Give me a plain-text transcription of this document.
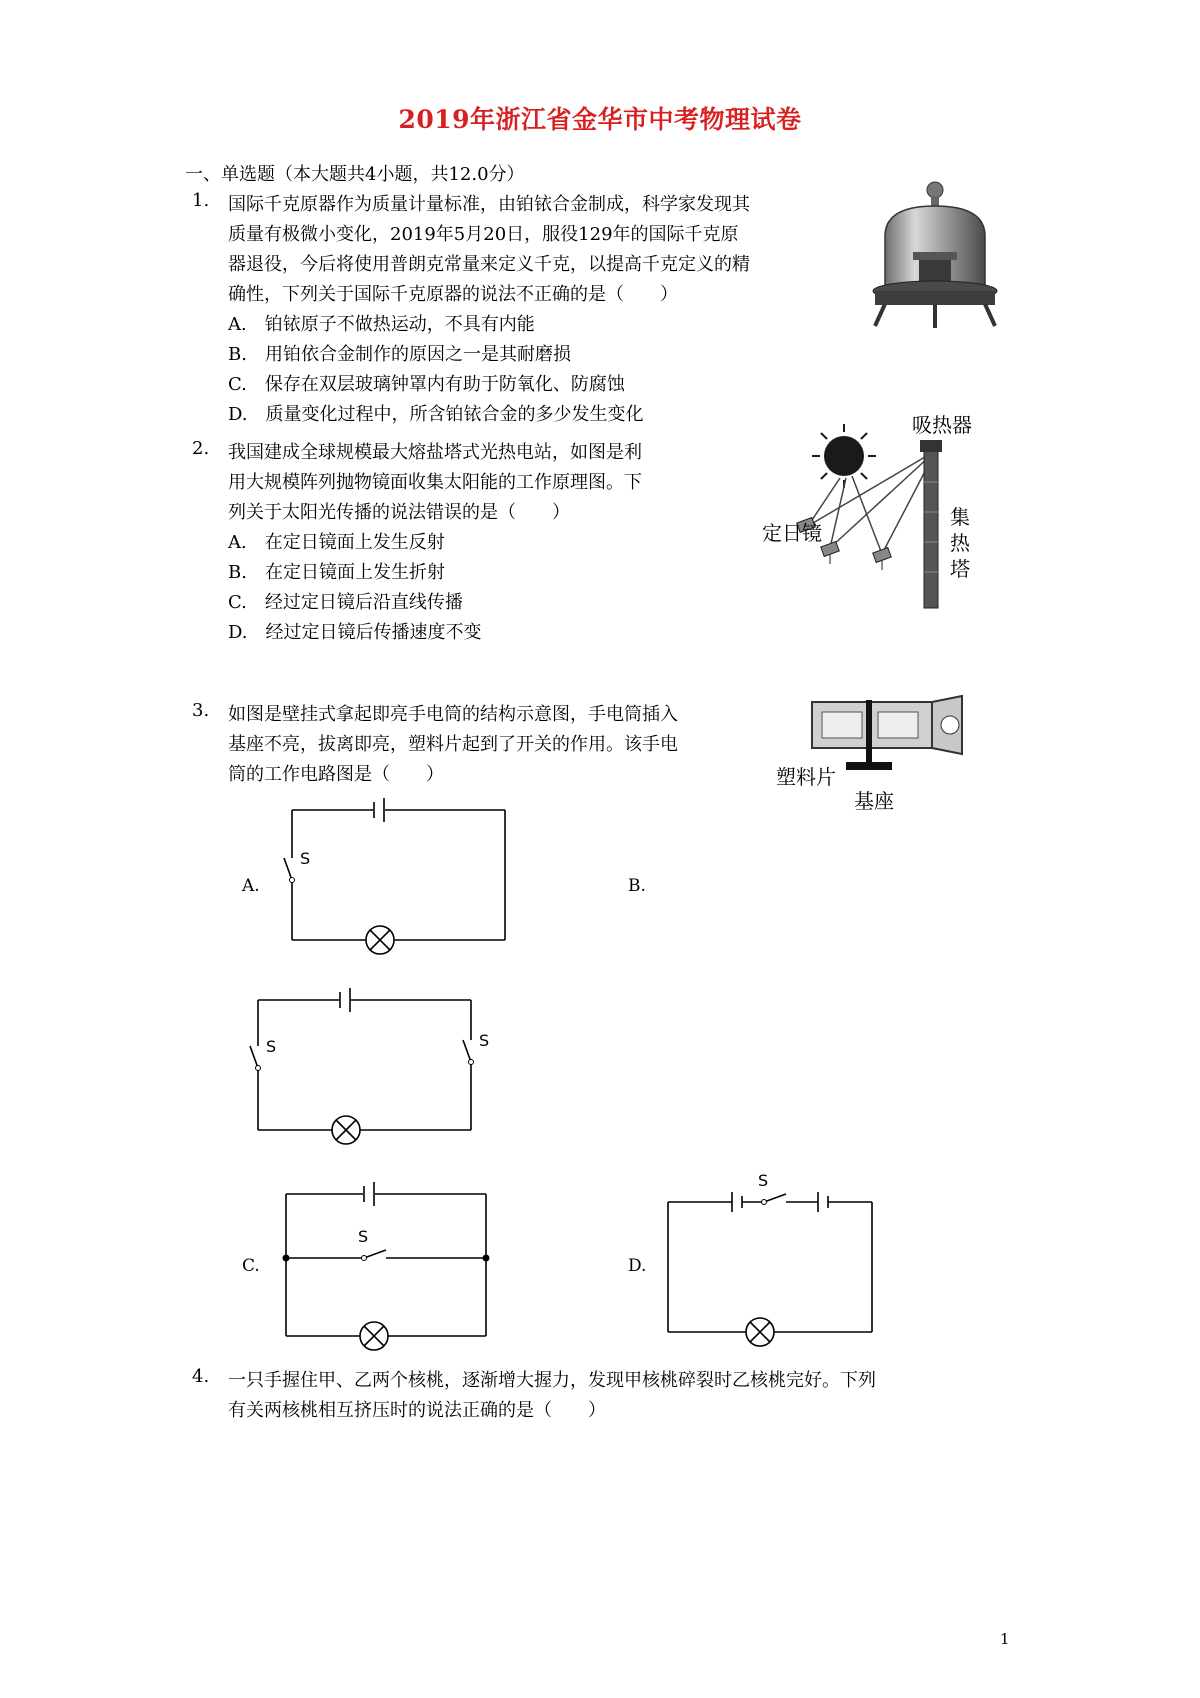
2019年浙江省金华市中考物理试卷
一、单选题（本大题共4小题，共12.0分）
1. 国际千克原器作为质量计量标准，由铂铱合金制成，科学家发现其
质量有极微小变化，2019年5月20日，服役129年的国际千克原
器退役，今后将使用普朗克常量来定义千克，以提高千克定义的精
确性，下列关于国际千克原器的说法不正确的是（　　）
A.　铂铱原子不做热运动，不具有内能
B.　用铂依合金制作的原因之一是其耐磨损
C.　保存在双层玻璃钟罩内有助于防氧化、防腐蚀
D.　质量变化过程中，所含铂铱合金的多少发生变化
2. 我国建成全球规模最大熔盐塔式光热电站，如图是利
用大规模阵列抛物镜面收集太阳能的工作原理图。下
列关于太阳光传播的说法错误的是（　　）
A.　在定日镜面上发生反射
B.　在定日镜面上发生折射
C.　经过定日镜后沿直线传播
D.　经过定日镜后传播速度不变
吸热器
定日镜
集
热
塔
3. 如图是壁挂式拿起即亮手电筒的结构示意图，手电筒插入
基座不亮，拔离即亮，塑料片起到了开关的作用。该手电
筒的工作电路图是（　　）	塑料片
基座
A.
S
B.
S	S
C.
S
D.
S
4. 一只手握住甲、乙两个核桃，逐渐增大握力，发现甲核桃碎裂时乙核桃完好。下列
有关两核桃相互挤压时的说法正确的是（　　）
1
